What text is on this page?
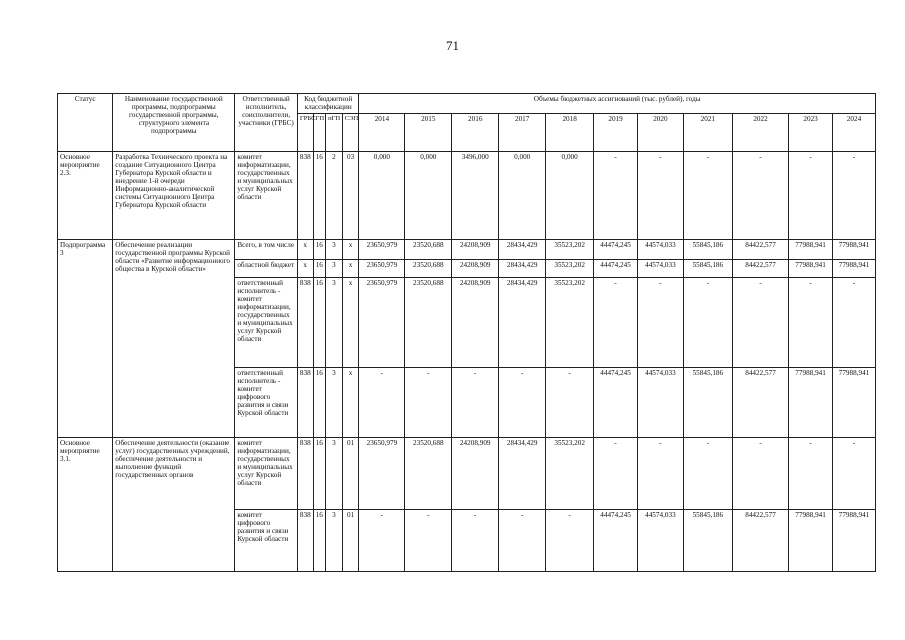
71
Статус	Наименование государственной программы, подпрограммы государственной программы, структурного элемента подпрограммы	Ответственный исполнитель, соисполнители, участники (ГРБС)	Код бюджетной классификации				Объемы бюджетных ассигнований (тыс. рублей), годы										
			ГРБС	ГП	пГП	СЭП	2014	2015	2016	2017	2018	2019	2020	2021	2022	2023	2024
Основное мероприятие 2.3.	Разработка Технического проекта на создание Ситуационного Центра Губернатора Курской области и внедрение 1-й очереди Информационно-аналитической системы Ситуационного Центра Губернатора Курской области	комитет информатизации, государственных и муниципальных услуг Курской области	838	16	2	03	0,000	0,000	3496,000	0,000	0,000	-	-	-	-	-	-
Подпрограмма 3	Обеспечение реализации государственной программы Курской области «Развитие информационного общества в Курской области»	Всего, в том числе	x	16	3	x	23650,979	23520,688	24208,909	28434,429	35523,202	44474,245	44574,033	55845,186	84422,577	77988,941	77988,941
		областной бюджет	x	16	3	x	23650,979	23520,688	24208,909	28434,429	35523,202	44474,245	44574,033	55845,186	84422,577	77988,941	77988,941
		ответственный исполнитель - комитет информатизации, государственных и муниципальных услуг Курской области	838	16	3	x	23650,979	23520,688	24208,909	28434,429	35523,202	-	-	-	-	-	-
		ответственный исполнитель - комитет цифрового развития и связи Курской области	838	16	3	x	-	-	-	-	-	44474,245	44574,033	55845,186	84422,577	77988,941	77988,941
Основное мероприятие 3.1.	Обеспечение деятельности (оказание услуг) государственных учреждений, обеспечение деятельности и выполнение функций государственных органов	комитет информатизации, государственных и муниципальных услуг Курской области	838	16	3	01	23650,979	23520,688	24208,909	28434,429	35523,202	-	-	-	-	-	-
		комитет цифрового развития и связи Курской области	838	16	3	01	-	-	-	-	-	44474,245	44574,033	55845,186	84422,577	77988,941	77988,941
